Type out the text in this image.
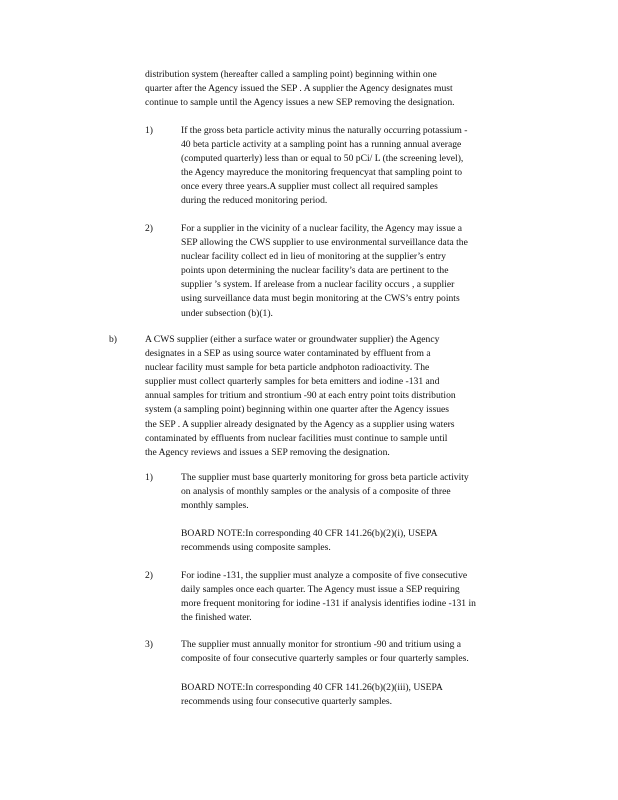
distribution system (hereafter called a sampling point) beginning within one
quarter after the Agency issued the SEP . A supplier the Agency designates must
continue to sample until the Agency issues a new SEP removing the designation.
1)	If the gross beta particle activity minus the naturally occurring potassium -
40 beta particle activity at a sampling point has a running annual average
(computed quarterly) less than or equal to 50 pCi/ L (the screening level),
the Agency mayreduce the monitoring frequencyat that sampling point to
once every three years.A supplier must collect all required samples
during the reduced monitoring period.
2)	For a supplier in the vicinity of a nuclear facility, the Agency may issue a
SEP allowing the CWS supplier to use environmental surveillance data the
nuclear facility collect ed in lieu of monitoring at the supplier’s entry
points upon determining the nuclear facility’s data are pertinent to the
supplier ’s system. If arelease from a nuclear facility occurs , a supplier
using surveillance data must begin monitoring at the CWS’s entry points
under subsection (b)(1).
b)	A CWS supplier (either a surface water or groundwater supplier) the Agency
designates in a SEP as using source water contaminated by effluent from a
nuclear facility must sample for beta particle andphoton radioactivity. The
supplier must collect quarterly samples for beta emitters and iodine -131 and
annual samples for tritium and strontium -90 at each entry point toits distribution
system (a sampling point) beginning within one quarter after the Agency issues
the SEP . A supplier already designated by the Agency as a supplier using waters
contaminated by effluents from nuclear facilities must continue to sample until
the Agency reviews and issues a SEP removing the designation.
1)	The supplier must base quarterly monitoring for gross beta particle activity
on analysis of monthly samples or the analysis of a composite of three
monthly samples.
BOARD NOTE:In corresponding 40 CFR 141.26(b)(2)(i), USEPA
recommends using composite samples.
2)	For iodine -131, the supplier must analyze a composite of five consecutive
daily samples once each quarter. The Agency must issue a SEP requiring
more frequent monitoring for iodine -131 if analysis identifies iodine -131 in
the finished water.
3)	The supplier must annually monitor for strontium -90 and tritium using a
composite of four consecutive quarterly samples or four quarterly samples.
BOARD NOTE:In corresponding 40 CFR 141.26(b)(2)(iii), USEPA
recommends using four consecutive quarterly samples.
